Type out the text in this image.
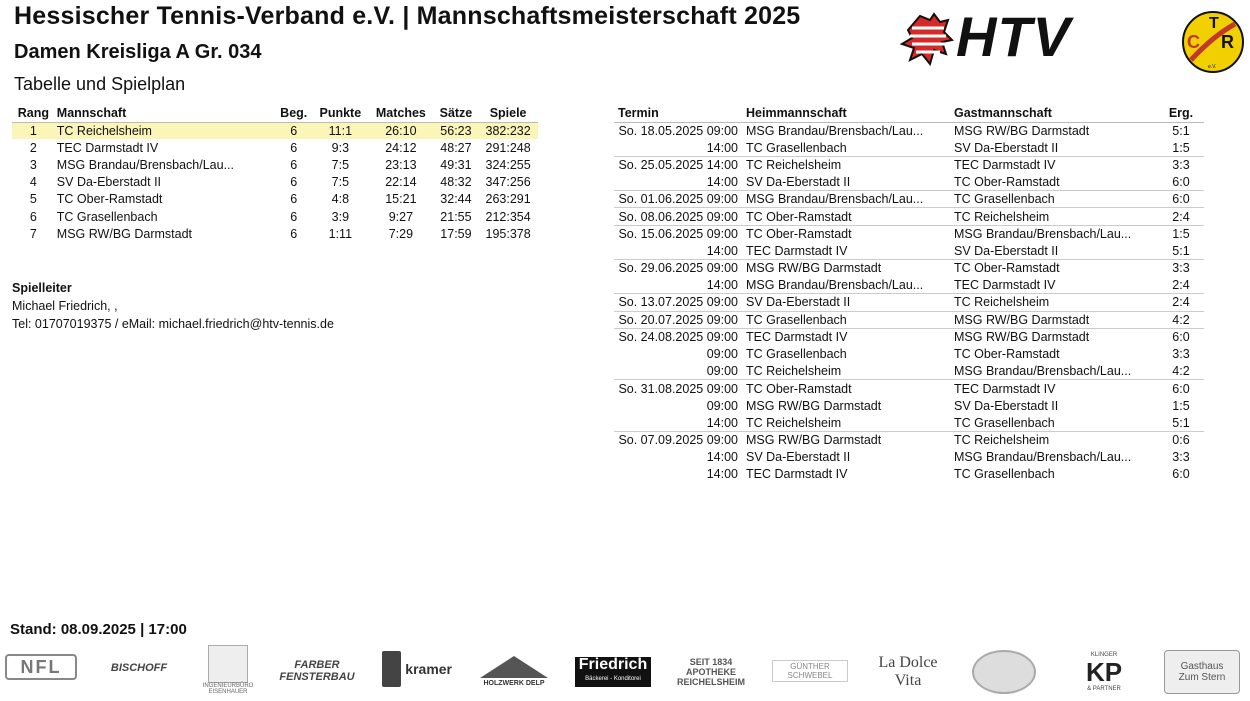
Hessischer Tennis-Verband e.V. | Mannschaftsmeisterschaft 2025
Damen Kreisliga A Gr. 034
Tabelle und Spielplan
HTV	T
C R
e.V.
Rang	Mannschaft	Beg.	Punkte	Matches	Sätze	Spiele
1	TC Reichelsheim	6	11:1	26:10	56:23	382:232
2	TEC Darmstadt IV	6	9:3	24:12	48:27	291:248
3	MSG Brandau/Brensbach/Lau...	6	7:5	23:13	49:31	324:255
4	SV Da-Eberstadt II	6	7:5	22:14	48:32	347:256
5	TC Ober-Ramstadt	6	4:8	15:21	32:44	263:291
6	TC Grasellenbach	6	3:9	9:27	21:55	212:354
7	MSG RW/BG Darmstadt	6	1:11	7:29	17:59	195:378
Termin	Heimmannschaft	Gastmannschaft	Erg.
So. 18.05.2025 09:00	MSG Brandau/Brensbach/Lau...	MSG RW/BG Darmstadt	5:1
14:00	TC Grasellenbach	SV Da-Eberstadt II	1:5
So. 25.05.2025 14:00	TC Reichelsheim	TEC Darmstadt IV	3:3
14:00	SV Da-Eberstadt II	TC Ober-Ramstadt	6:0
So. 01.06.2025 09:00	MSG Brandau/Brensbach/Lau...	TC Grasellenbach	6:0
So. 08.06.2025 09:00	TC Ober-Ramstadt	TC Reichelsheim	2:4
So. 15.06.2025 09:00	TC Ober-Ramstadt	MSG Brandau/Brensbach/Lau...	1:5
14:00	TEC Darmstadt IV	SV Da-Eberstadt II	5:1
So. 29.06.2025 09:00	MSG RW/BG Darmstadt	TC Ober-Ramstadt	3:3
14:00	MSG Brandau/Brensbach/Lau...	TEC Darmstadt IV	2:4
So. 13.07.2025 09:00	SV Da-Eberstadt II	TC Reichelsheim	2:4
So. 20.07.2025 09:00	TC Grasellenbach	MSG RW/BG Darmstadt	4:2
So. 24.08.2025 09:00	TEC Darmstadt IV	MSG RW/BG Darmstadt	6:0
09:00	TC Grasellenbach	TC Ober-Ramstadt	3:3
09:00	TC Reichelsheim	MSG Brandau/Brensbach/Lau...	4:2
So. 31.08.2025 09:00	TC Ober-Ramstadt	TEC Darmstadt IV	6:0
09:00	MSG RW/BG Darmstadt	SV Da-Eberstadt II	1:5
14:00	TC Reichelsheim	TC Grasellenbach	5:1
So. 07.09.2025 09:00	MSG RW/BG Darmstadt	TC Reichelsheim	0:6
14:00	SV Da-Eberstadt II	MSG Brandau/Brensbach/Lau...	3:3
14:00	TEC Darmstadt IV	TC Grasellenbach	6:0
Spielleiter
Michael Friedrich, ,
Tel: 01707019375 / eMail: michael.friedrich@htv-tennis.de
Stand: 08.09.2025 | 17:00
NFL	BISCHOFF
INGENIEURBÜRO EISENHAUER
FARBER FENSTERBAU	kramer
HOLZWERK DELP
Friedrich
Bäckerei - Konditorei
SEIT 1834 APOTHEKE
REICHELSHEIM
GÜNTHER SCHWEBEL
La Dolce Vita
KLINGER
KP
& PARTNER
Gasthaus
Zum Stern
